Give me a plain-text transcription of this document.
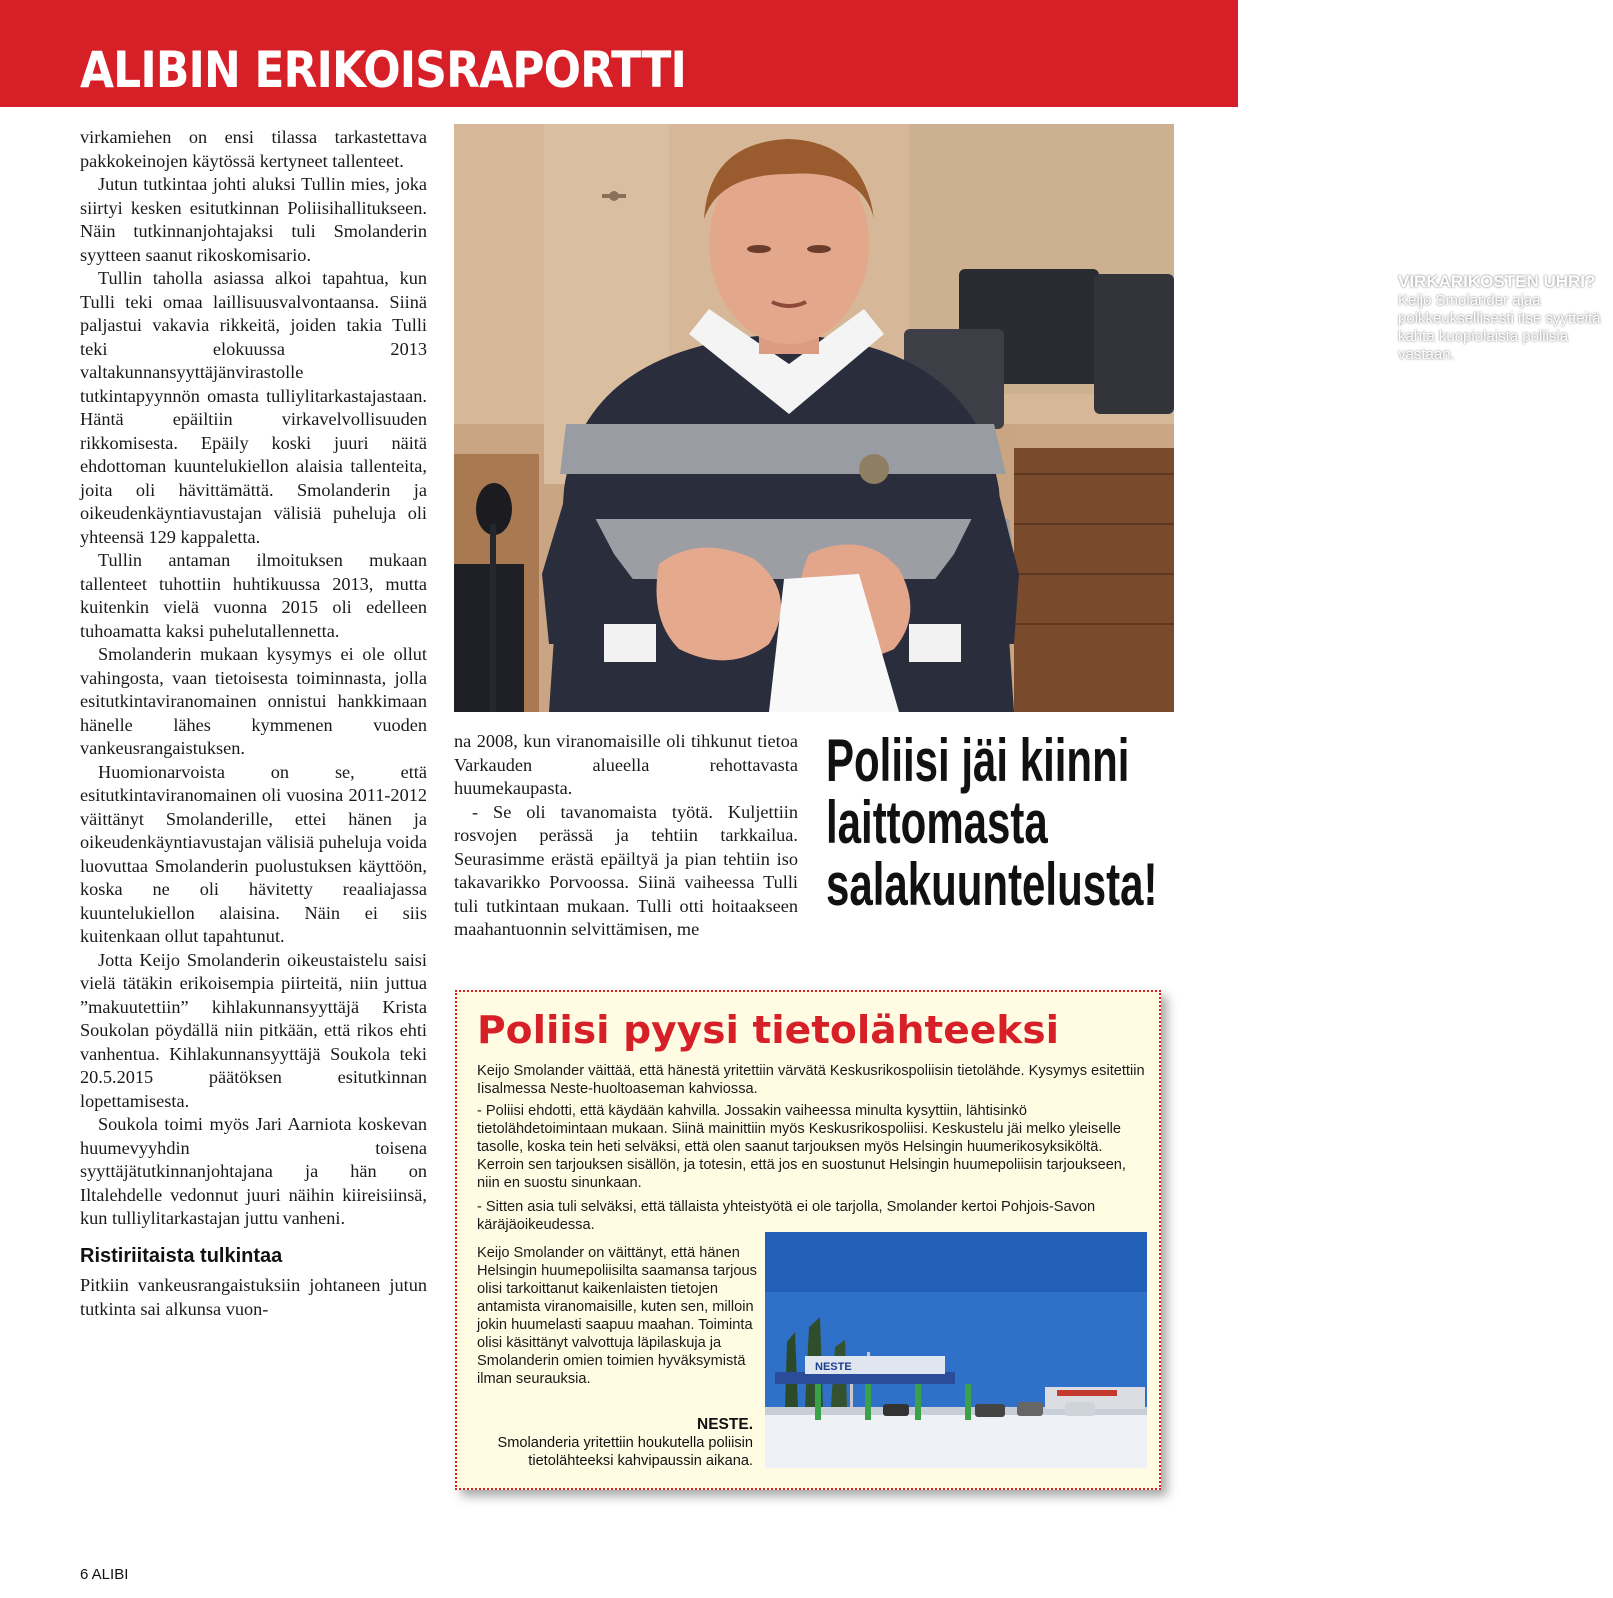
ALIBIN ERIKOISRAPORTTI

virkamiehen on ensi tilassa tarkastettava pakkokeinojen käytössä kertyneet tallenteet.

Jutun tutkintaa johti aluksi Tullin mies, joka siirtyi kesken esitutkinnan Poliisihallitukseen. Näin tutkinnanjohtajaksi tuli Smolanderin syytteen saanut rikoskomisario.

Tullin taholla asiassa alkoi tapahtua, kun Tulli teki omaa laillisuusvalvontaansa. Siinä paljastui vakavia rikkeitä, joiden takia Tulli teki elokuussa 2013 valtakunnansyyttäjänvirastolle tutkintapyynnön omasta tulliylitarkastajastaan. Häntä epäiltiin virkavelvollisuuden rikkomisesta. Epäily koski juuri näitä ehdottoman kuuntelukiellon alaisia tallenteita, joita oli hävittämättä. Smolanderin ja oikeudenkäyntiavustajan välisiä puheluja oli yhteensä 129 kappaletta.

Tullin antaman ilmoituksen mukaan tallenteet tuhottiin huhtikuussa 2013, mutta kuitenkin vielä vuonna 2015 oli edelleen tuhoamatta kaksi puhelutallennetta.

Smolanderin mukaan kysymys ei ole ollut vahingosta, vaan tietoisesta toiminnasta, jolla esitutkintaviranomainen onnistui hankkimaan hänelle lähes kymmenen vuoden vankeusrangaistuksen.

Huomionarvoista on se, että esitutkintaviranomainen oli vuosina 2011-2012 väittänyt Smolanderille, ettei hänen ja oikeudenkäyntiavustajan välisiä puheluja voida luovuttaa Smolanderin puolustuksen käyttöön, koska ne oli hävitetty reaaliajassa kuuntelukiellon alaisina. Näin ei siis kuitenkaan ollut tapahtunut.

Jotta Keijo Smolanderin oikeustaistelu saisi vielä tätäkin erikoisempia piirteitä, niin juttua ”makuutettiin” kihlakunnansyyttäjä Krista Soukolan pöydällä niin pitkään, että rikos ehti vanhentua. Kihlakunnansyyttäjä Soukola teki 20.5.2015 päätöksen esitutkinnan lopettamisesta.

Soukola toimi myös Jari Aarniota koskevan huumevyyhdin toisena syyttäjätutkinnanjohtajana ja hän on Iltalehdelle vedonnut juuri näihin kiireisiinsä, kun tulliylitarkastajan juttu vanheni.

Ristiriitaista tulkintaa

Pitkiin vankeusrangaistuksiin johtaneen jutun tutkinta sai alkunsa vuon-

VIRKARIKOSTEN UHRI?
Keijo Smolander ajaa poikkeuksellisesti itse syytteitä kahta kuopiolaista poliisia vastaan.

na 2008, kun viranomaisille oli tihkunut tietoa Varkauden alueella rehottavasta huumekaupasta.

- Se oli tavanomaista työtä. Kuljettiin rosvojen perässä ja tehtiin tarkkailua. Seurasimme erästä epäiltyä ja pian tehtiin iso takavarikko Porvoossa. Siinä vaiheessa Tulli tuli tutkintaan mukaan. Tulli otti hoitaakseen maahantuonnin selvittämisen, me

Poliisi jäi kiinni
laittomasta
salakuuntelusta!
Poliisi pyysi tietolähteeksi

Keijo Smolander väittää, että hänestä yritettiin värvätä Keskusrikospoliisin tietolähde. Kysymys esitettiin Iisalmessa Neste-huoltoaseman kahviossa.

- Poliisi ehdotti, että käydään kahvilla. Jossakin vaiheessa minulta kysyttiin, lähtisinkö tietolähdetoimintaan mukaan. Siinä mainittiin myös Keskusrikospoliisi. Keskustelu jäi melko yleiselle tasolle, koska tein heti selväksi, että olen saanut tarjouksen myös Helsingin huumerikosyksiköltä. Kerroin sen tarjouksen sisällön, ja totesin, että jos en suostunut Helsingin huumepoliisin tarjoukseen, niin en suostu sinunkaan.

- Sitten asia tuli selväksi, että tällaista yhteistyötä ei ole tarjolla, Smolander kertoi Pohjois-Savon käräjäoikeudessa.

Keijo Smolander on väittänyt, että hänen Helsingin huumepoliisilta saamansa tarjous olisi tarkoittanut kaikenlaisten tietojen antamista viranomaisille, kuten sen, milloin jokin huumelasti saapuu maahan. Toiminta olisi käsittänyt valvottuja läpilaskuja ja Smolanderin omien toimien hyväksymistä ilman seurauksia.

NESTE.
Smolanderia yritettiin houkutella poliisin tietolähteeksi kahvipaussin aikana.
NESTE
6 ALIBI
